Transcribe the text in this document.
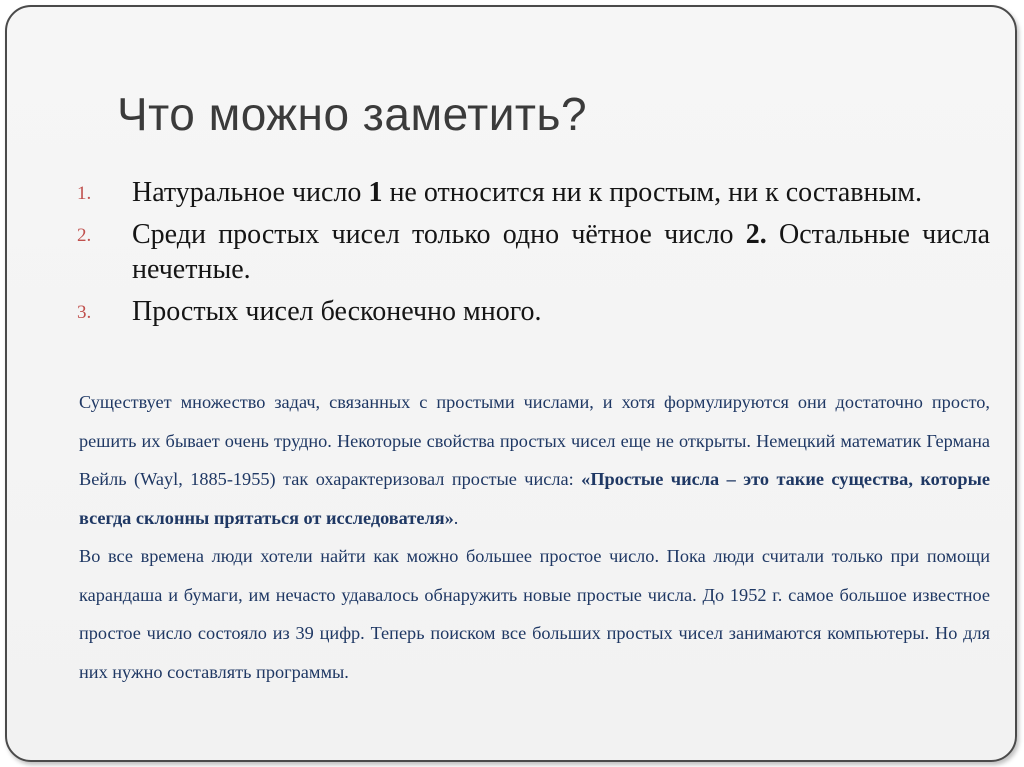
Что можно заметить?
1. Натуральное число 1 не относится ни к простым, ни к составным.
2. Среди простых чисел только одно чётное число 2. Остальные числа нечетные.
3. Простых чисел бесконечно много.

Существует множество задач, связанных с простыми числами, и хотя формулируются они достаточно просто, решить их бывает очень трудно. Некоторые свойства простых чисел еще не открыты. Немецкий математик Германа Вейль (Wayl, 1885-1955) так охарактеризовал простые числа: «Простые числа – это такие существа, которые всегда склонны прятаться от исследователя».

Во все времена люди хотели найти как можно большее простое число. Пока люди считали только при помощи карандаша и бумаги, им нечасто удавалось обнаружить новые простые числа. До 1952 г. самое большое известное простое число состояло из 39 цифр. Теперь поиском все больших простых чисел занимаются компьютеры. Но для них нужно составлять программы.
